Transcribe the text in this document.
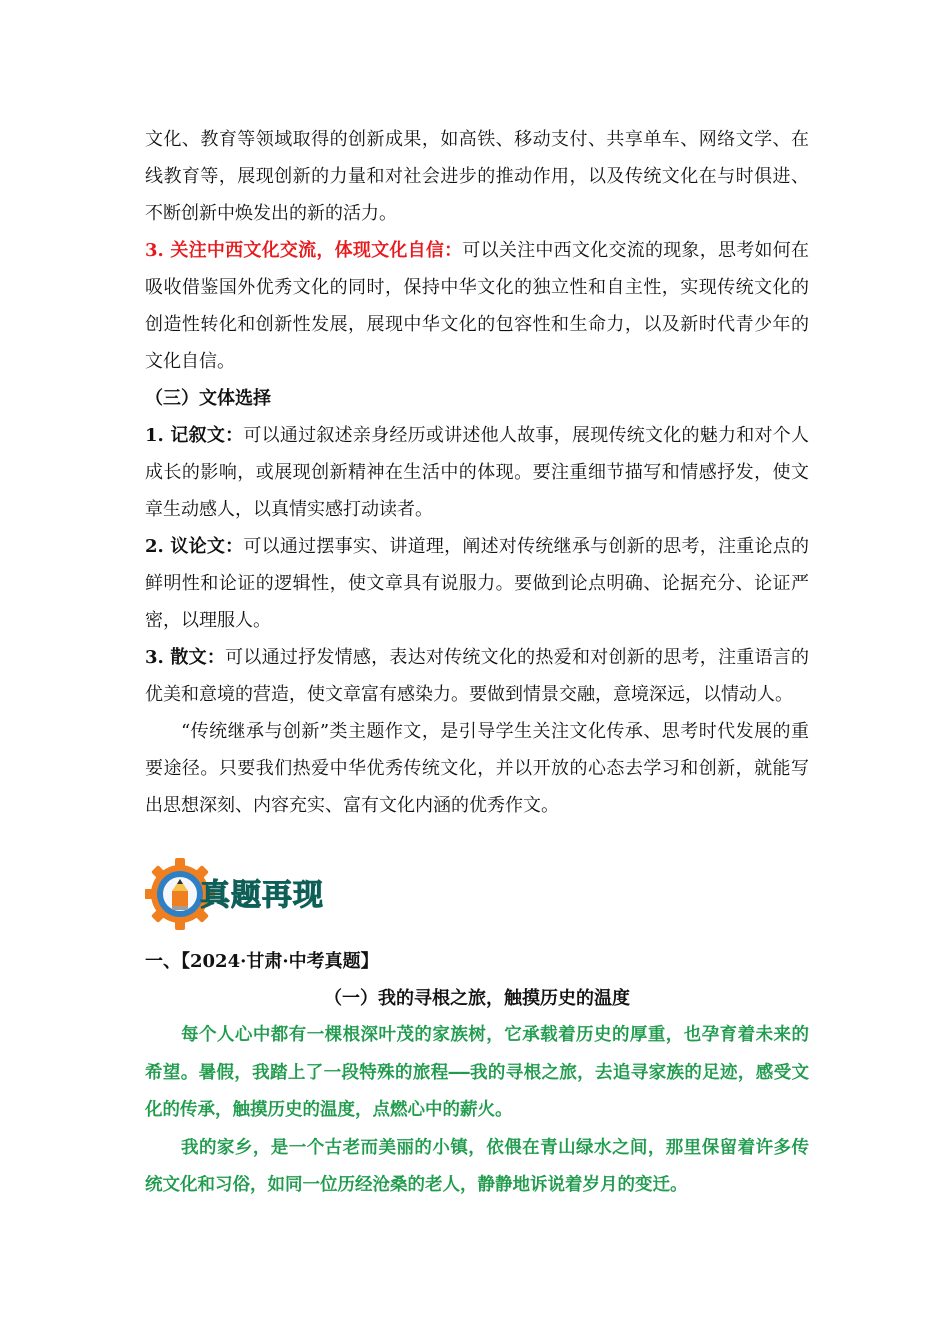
文化、教育等领域取得的创新成果，如高铁、移动支付、共享单车、网络文学、在线教育等，展现创新的力量和对社会进步的推动作用，以及传统文化在与时俱进、不断创新中焕发出的新的活力。

3. 关注中西文化交流，体现文化自信：可以关注中西文化交流的现象，思考如何在吸收借鉴国外优秀文化的同时，保持中华文化的独立性和自主性，实现传统文化的创造性转化和创新性发展，展现中华文化的包容性和生命力，以及新时代青少年的文化自信。

（三）文体选择

1. 记叙文：可以通过叙述亲身经历或讲述他人故事，展现传统文化的魅力和对个人成长的影响，或展现创新精神在生活中的体现。要注重细节描写和情感抒发，使文章生动感人，以真情实感打动读者。

2. 议论文：可以通过摆事实、讲道理，阐述对传统继承与创新的思考，注重论点的鲜明性和论证的逻辑性，使文章具有说服力。要做到论点明确、论据充分、论证严密，以理服人。

3. 散文：可以通过抒发情感，表达对传统文化的热爱和对创新的思考，注重语言的优美和意境的营造，使文章富有感染力。要做到情景交融，意境深远，以情动人。

“传统继承与创新”类主题作文，是引导学生关注文化传承、思考时代发展的重要途径。只要我们热爱中华优秀传统文化，并以开放的心态去学习和创新，就能写出思想深刻、内容充实、富有文化内涵的优秀作文。

真题再现

一、【2024·甘肃·中考真题】

（一）我的寻根之旅，触摸历史的温度

每个人心中都有一棵根深叶茂的家族树，它承载着历史的厚重，也孕育着未来的希望。暑假，我踏上了一段特殊的旅程——我的寻根之旅，去追寻家族的足迹，感受文化的传承，触摸历史的温度，点燃心中的薪火。

我的家乡，是一个古老而美丽的小镇，依偎在青山绿水之间，那里保留着许多传统文化和习俗，如同一位历经沧桑的老人，静静地诉说着岁月的变迁。
